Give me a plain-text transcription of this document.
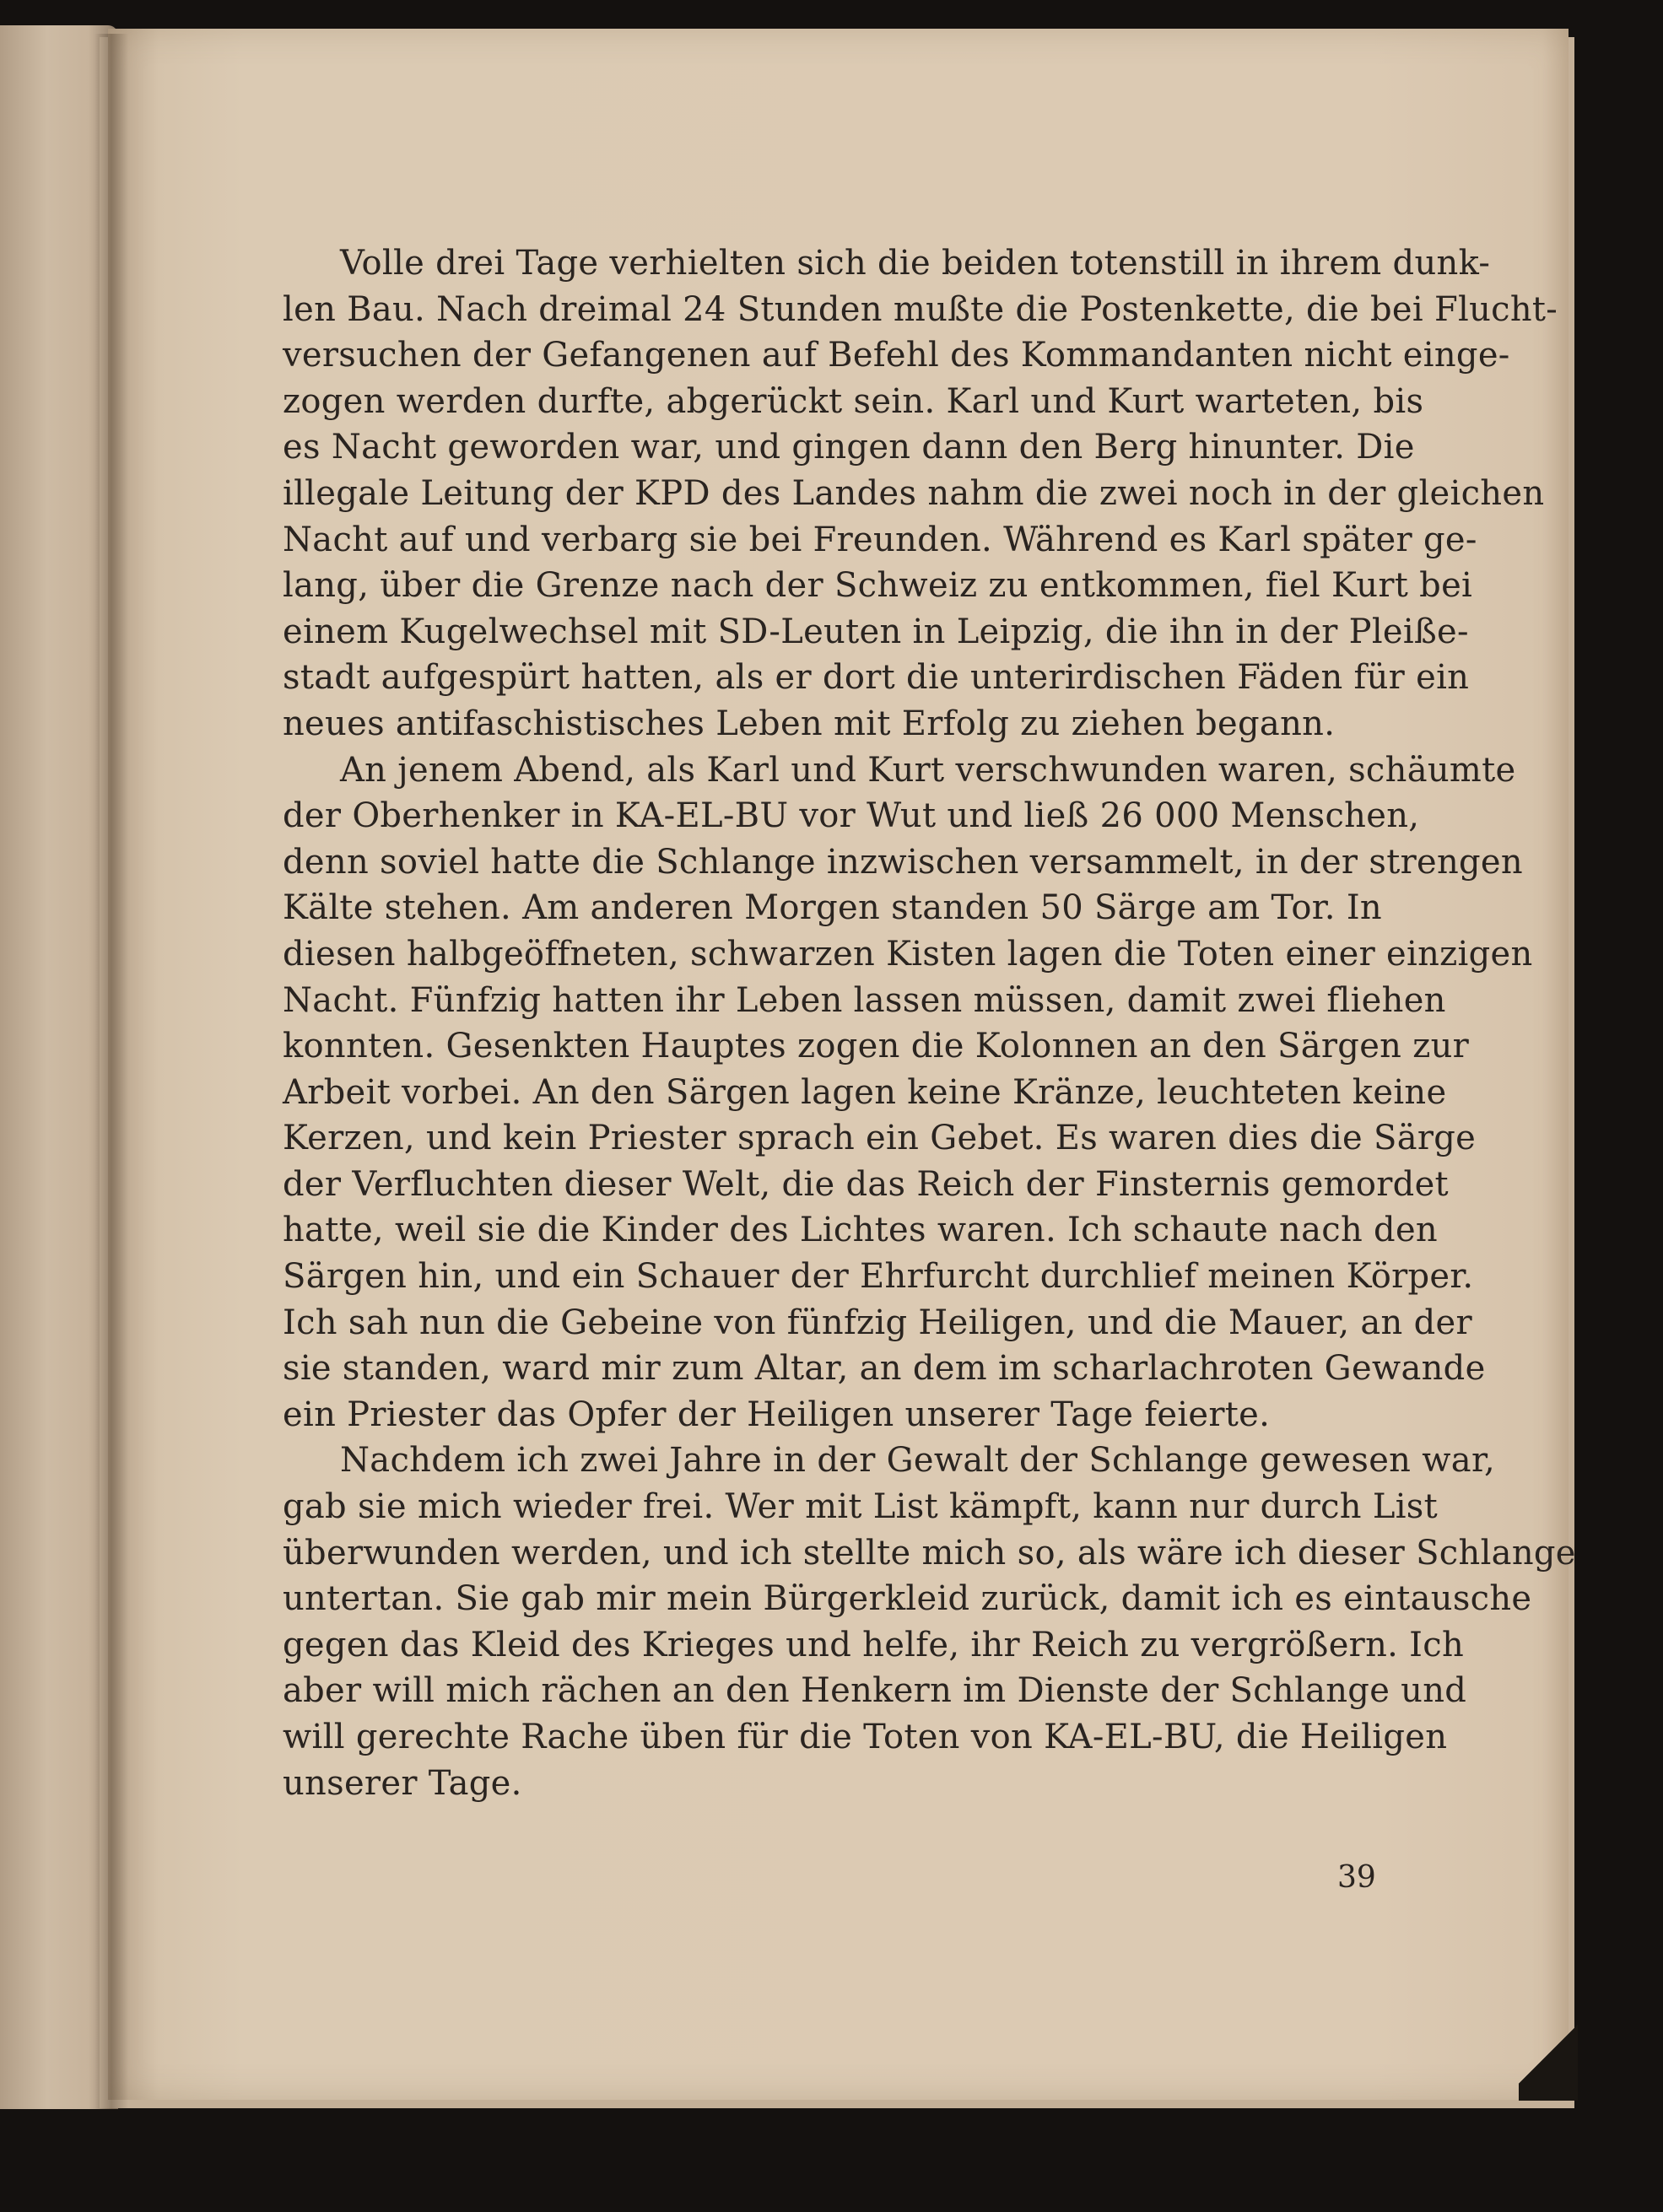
Volle drei Tage verhielten sich die beiden totenstill in ihrem dunk-
len Bau. Nach dreimal 24 Stunden mußte die Postenkette, die bei Flucht-
versuchen der Gefangenen auf Befehl des Kommandanten nicht einge-
zogen werden durfte, abgerückt sein. Karl und Kurt warteten, bis
es Nacht geworden war, und gingen dann den Berg hinunter. Die
illegale Leitung der KPD des Landes nahm die zwei noch in der gleichen
Nacht auf und verbarg sie bei Freunden. Während es Karl später ge-
lang, über die Grenze nach der Schweiz zu entkommen, fiel Kurt bei
einem Kugelwechsel mit SD-Leuten in Leipzig, die ihn in der Pleiße-
stadt aufgespürt hatten, als er dort die unterirdischen Fäden für ein
neues antifaschistisches Leben mit Erfolg zu ziehen begann.
An jenem Abend, als Karl und Kurt verschwunden waren, schäumte
der Oberhenker in KA-EL-BU vor Wut und ließ 26 000 Menschen,
denn soviel hatte die Schlange inzwischen versammelt, in der strengen
Kälte stehen. Am anderen Morgen standen 50 Särge am Tor. In
diesen halbgeöffneten, schwarzen Kisten lagen die Toten einer einzigen
Nacht. Fünfzig hatten ihr Leben lassen müssen, damit zwei fliehen
konnten. Gesenkten Hauptes zogen die Kolonnen an den Särgen zur
Arbeit vorbei. An den Särgen lagen keine Kränze, leuchteten keine
Kerzen, und kein Priester sprach ein Gebet. Es waren dies die Särge
der Verfluchten dieser Welt, die das Reich der Finsternis gemordet
hatte, weil sie die Kinder des Lichtes waren. Ich schaute nach den
Särgen hin, und ein Schauer der Ehrfurcht durchlief meinen Körper.
Ich sah nun die Gebeine von fünfzig Heiligen, und die Mauer, an der
sie standen, ward mir zum Altar, an dem im scharlachroten Gewande
ein Priester das Opfer der Heiligen unserer Tage feierte.
Nachdem ich zwei Jahre in der Gewalt der Schlange gewesen war,
gab sie mich wieder frei. Wer mit List kämpft, kann nur durch List
überwunden werden, und ich stellte mich so, als wäre ich dieser Schlange
untertan. Sie gab mir mein Bürgerkleid zurück, damit ich es eintausche
gegen das Kleid des Krieges und helfe, ihr Reich zu vergrößern. Ich
aber will mich rächen an den Henkern im Dienste der Schlange und
will gerechte Rache üben für die Toten von KA-EL-BU, die Heiligen
unserer Tage.
39
